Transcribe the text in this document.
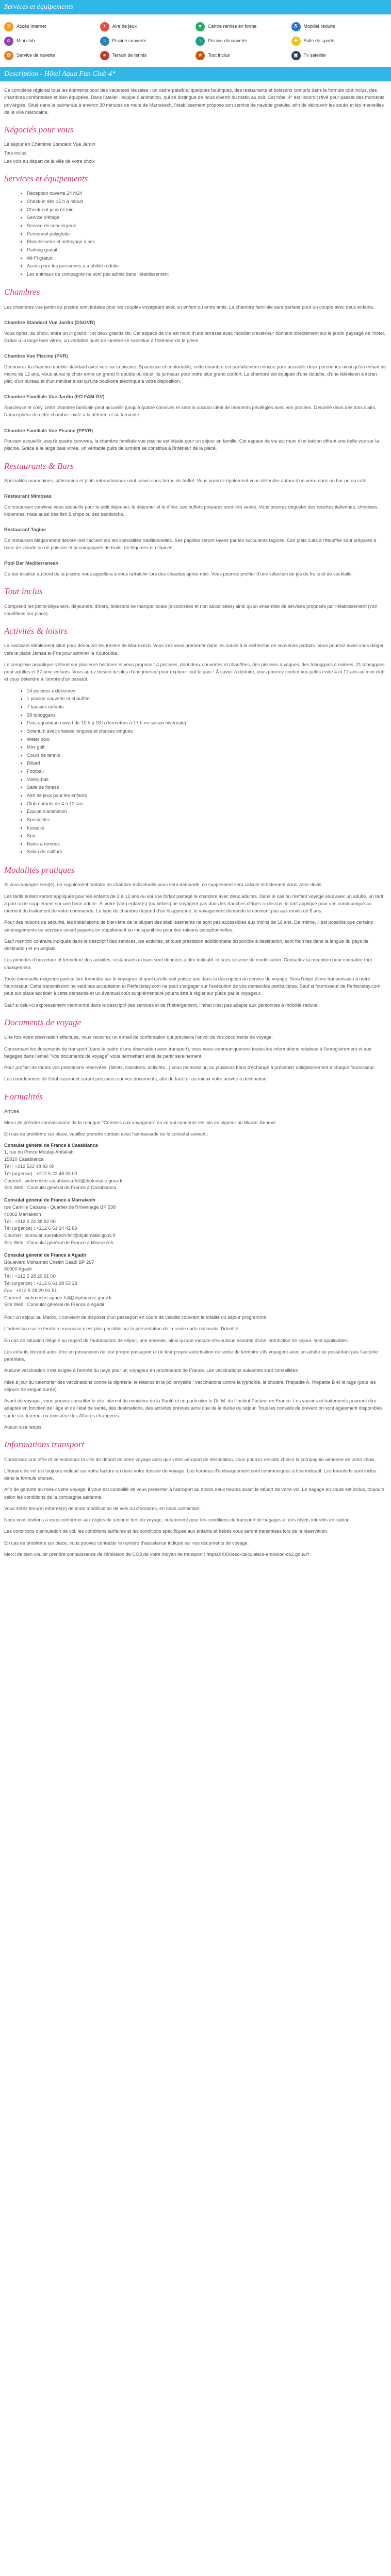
Services et équipements
✆	Accès Internet	✈	Aire de jeux	♥	Centre remise en forme	♿ Mobilité réduite
☺	Mini club	≈	Piscine couverte	≈	Piscine découverte	✚	Salle de sports
✿	Service de navette	●	Terrain de tennis	★	Tout inclus	▣	Tv satellite
Description - Hôtel Aqua Fun Club 4*

Ce complexe régional tous les éléments pour des vacances réussies : un cadre paisible, quelques boutiques, des restaurants et boissons compris dans la formule tout inclus, des chambres confortables et bien équipées. Dans l'atelier l'équipe d'animation, qui se distingue de nous divertir du matin au soir. Cet hôtel 4* est l'endroit rêvé pour passer des moments privilégiés. Situé dans la palmeraie à environ 30 minutes de route de Marrakech, l'établissement propose son service de navette gratuite, afin de découvrir les souks et les merveilles de la ville marocaine.

Négociés pour vous

Le séjour en Chambre Standard Vue Jardin

Tout inclus

Les vols au départ de la ville de votre choix

Services et équipements
• Réception ouverte 24 h/24
• Check-in dès 15 h à minuit
• Check-out jusqu'à midi
• Service d'étage
• Service de conciergerie
• Personnel polyglotte
• Blanchisserie et nettoyage à sec
• Parking gratuit
• Wi-Fi gratuit
• Accès pour les personnes à mobilité réduite
• Les animaux de compagnie ne sont pas admis dans l'établissement
Chambres

Les chambres vue jardin ou piscine sont idéales pour les couples voyageant avec un enfant ou entre amis. La chambre familiale sera parfaite pour un couple avec deux enfants.

Chambre Standard Vue Jardin (DSGVR)

Vous optez, au choix, entre un lit grand lit et deux grands lits. Cet espace de vie est muni d'une terrasse avec mobilier d'extérieur donnant directement sur le jardin paysagé de l'hôtel. Grâce à la large baie vitrée, un véritable puits de lumière se constitue à l'intérieur de la pièce.

Chambre Vue Piscine (PVR)

Découvrez la chambre double standard avec vue sur la piscine. Spacieuse et confortable, cette chambre est parfaitement conçue pour accueillir deux personnes ainsi qu'un enfant de moins de 12 ans. Vous aurez le choix entre un grand lit double ou deux lits jumeaux pour votre plus grand confort. La chambre est équipée d'une douche, d'une télévision à écran plat, d'un bureau et d'un minibar ainsi qu'une bouilloire électrique à votre disposition.

Chambre Familiale Vue Jardin (FO FAM-GV)

Spacieuse et cosy, cette chambre familiale peut accueillir jusqu'à quatre convives et sera le cocoon idéal de moments privilégiés avec vos proches. Décorée dans des tons clairs, l'atmosphère de cette chambre invite à la détente et au farniente.

Chambre Familiale Vue Piscine (FPVR)

Pouvant accueillir jusqu'à quatre convives, la chambre familiale vue piscine est idéale pour un séjour en famille. Cet espace de vie est muni d'un balcon offrant une belle vue sur la piscine. Grâce à la large baie vitrée, un véritable puits de lumière se constitue à l'intérieur de la pièce.

Restaurants & Bars

Spécialités marocaines, pâtisseries et plats internationaux sont servis sous forme de buffet. Vous pourrez également vous détendre autour d'un verre dans un bar ou un café.

Restaurant Mimosas

Ce restaurant convivial vous accueille pour le petit déjeuner, le déjeuner et le dîner, ses buffets préparés sont très variés. Vous pourrez déguster des recettes italiennes, chinoises, indiennes, mais aussi des fish & chips ou des sandwichs.

Restaurant Tagine

Ce restaurant élégamment décoré met l'accent sur les spécialités traditionnelles. Ses papilles seront ravies par les succulents tagines. Ces plats cuits à l'étouffée sont préparés à base de viande ou de poisson et accompagnés de fruits, de légumes et d'épices.

Pool Bar Mediterranean

Ce bar localisé au bord de la piscine vous appellera à vous rafraîchir lors des chaudes après-midi. Vous pourrez profiter d'une sélection de jus de fruits et de cocktails.

Tout inclus

Comprend les petits-déjeuners, déjeuners, dîners, boissons de marque locale (alcoolisées et non alcoolisées) ainsi qu'un ensemble de services proposés par l'établissement (voir conditions sur place).

Activités & loisirs

La ravissant idéalement situé pour découvrir les trésors de Marrakech. Vous irez vous promener dans les souks à la recherche de souvenirs parfaits. Vous pourrez aussi vous diriger vers le place Jemaa el-Fna pour admirer la Koutoubia.

Le complexe aquatique s'étend sur plusieurs hectares et vous propose 14 piscines, dont deux couvertes et chauffées, des piscines à vagues, des toboggans à rivières, 21 toboggans pour adultes et 37 pour enfants. Vous aurez besoin de plus d'une journée pour explorer tout le parc ! À savoir à déduire, vous pourrez confier vos petits entre 4 et 12 ans au mini club et vous détendre à l'ombre d'un parasol.

• 14 piscines extérieures
• 1 piscine couverte et chauffée
• 7 bassins enfants
• 58 toboggans
• Parc aquatique ouvert de 10 h à 18 h (fermeture à 17 h en saison hivernale)
• Solarium avec chaises longues et chaises longues
• Water polo
• Mini golf
• Cours de tennis
• Billard
• Football
• Volley-ball
• Salle de fitness
• Aire de jeux pour les enfants
• Club enfants de 4 à 12 ans
• Équipe d'animation
• Spectacles
• Karaoké
• Spa
• Bains à remous
• Salon de coiffure
Modalités pratiques

Si vous voyagez seul(e), un supplément tarifaire en chambre individuelle vous sera demandé, ce supplément sera calculé directement dans votre devis.

Les tarifs enfant seront appliqués pour les enfants de 2 à 12 ans ou sous le forfait partagé la chambre avec deux adultes. Dans le cas où l'enfant voyage seul avec un adulte, un tarif à part ou le supplément sur une base adulte. Si votre (vos) enfant(s) (ou bébés) ne voyagent pas dans les tranches d'âges ci-dessus, le tarif appliqué pour vos communiqué au moment du traitement de votre commande. Le type de chambre dépend d'un lit approprié, le voyagement demande le convient pas aux moins de 6 ans.

Pour des raisons de sécurité, les installations de bien-être de la plupart des établissements ne sont pas accessibles aux moins de 16 ans. De même, il est possible que certains aménagements ou services soient payants en supplément ou indisponibles pour des raisons exceptionnelles.

Sauf mention contraire indiquée dans le descriptif des services, les activités, et toute prestation additionnelle disponible à destination, sont fournies dans la langue du pays de destination et en anglais.

Les périodes d'ouverture et fermeture des activités, restaurants et bars sont données à titre indicatif, et sous réserve de modification. Contactez la réception pour connaître tout changement.

Toute éventuelle exigence particulière formulée par le voyageur et quel qu'elle soit puisse pas dans la description du service de voyage, Sera l'objet d'une transmission à notre fournisseur. Cette transmission ne vaut pas acceptation et Perfectstay.com ne peut s'engager sur l'exécution de vos demandes particulières. Sauf si fournisseur de Perfectstay.com peut sur place accéder à cette demande et un éventuel coût supplémentaire pourra être à régler sur place par le voyageur.

Sauf si celui-ci expressément mentionné dans le descriptif des services et de l'hébergement, l'hôtel n'est pas adapté aux personnes à mobilité réduite.

Documents de voyage

Une fois votre réservation effectuée, vous recevrez un e-mail de confirmation qui précisera l'envoi de vos documents de voyage.

Concernant les documents de transport (dans le cadre d'une réservation avec transport), vous vous communiquerons toutes les informations relatives à l'enregistrement et aux bagages dans l'email "Vos documents de voyage" vous permettant ainsi de partir sereinement.

Pour profiter de toutes vos prestations réservées, (billets, transferts, activités...) vous recevrez un ou plusieurs bons d'échange à présenter obligatoirement à chaque fournisseur.

Les coordonnées de l'établissement seront précisées sur vos documents, afin de faciliter au mieux votre arrivée à destination.

Formalités

Arrivee

Merci de prendre connaissance de la rubrique "Conseils aux voyageurs" en ce qui concerne les lois en vigueur au Maroc. Annexe

En cas de problème sur place, veuillez prendre contact avec l'ambassade ou le consulat suivant :

Consulat général de France à Casablanca
1, rue du Prince Moulay Abdallah
15810 Casablanca
Tél : +212 522 48 93 00
Tél (urgence) : +212 5 22 48 93 00
Courriel : webmestre.casablanca-fslt@diplomatie.gouv.fr
Site Web : Consulat général de France à Casablanca
Consulat général de France à Marrakech
rue Camille Cabana - Quartier de l'Hivernage BP 538
40002 Marrakech
Tél : +212 5 24 38 82 00
Tél (urgence) : +212 6 61 34 42 89
Courriel : consulat.marrakech-fslt@diplomatie.gouv.fr
Site Web : Consulat général de France à Marrakech
Consulat général de France à Agadir
Boulevard Mohamed Cheikh Saadi BP 267
80000 Agadir
Tél : +212 5 28 29 91 00
Tél (urgence) : +212 6 61 38 53 28
Fax : +212 5 28 29 91 51
Courriel : webmestre.agadir-fslt@diplomatie.gouv.fr
Site Web : Consulat général de France à Agadir

Pour un séjour au Maroc, il convient de disposer d'un passeport en cours de validité couvrant la totalité du séjour programmé.

L'admission sur le territoire marocain n'est plus possible sur la présentation de la seule carte nationale d'identité.

En cas de situation illégale au regard de l'autorisation de séjour, une amende, ainsi qu'une mesure d'expulsion assortie d'une interdiction de séjour, sont applicables.

Les enfants doivent aussi être en possession de leur propre passeport et de leur propre autorisation de sortie du territoire s'ils voyagent avec un adulte ne possédant pas l'autorité parentale.

Aucune vaccination n'est exigée à l'entrée du pays pour un voyageur en provenance de France. Les vaccinations suivantes sont conseillées :

mise à jour du calendrier des vaccinations contre la diphtérie, le tétanos et la poliomyélite ; vaccinations contre la typhoïde, le choléra, l'hépatite A, l'hépatite B et la rage (pour les séjours de longue durée).

Avant de voyager, vous pouvez consulter le site internet du ministère de la Santé et en particulier le Dr. M. de l'Institut Pasteur en France. Les vaccins et traitements pourront être adaptés en fonction de l'âge et de l'état de santé, des destinations, des activités prévues ainsi que de la durée du séjour. Tous les conseils de prévention sont également disponibles sur le site Internet du ministère des Affaires étrangères.

Aucun visa requis

Informations transport

Choisissez une offre et sélectionnez la ville de départ de votre voyage ainsi que votre aéroport de destination, vous pourrez ensuite choisir la compagnie aérienne de votre choix.

L'horaire de vol est toujours indiqué sur votre facture ou dans votre dossier de voyage. Les horaires d'embarquement sont communiqués à titre indicatif. Les transferts sont inclus dans la formule choisie.

Afin de garantir au mieux votre voyage, il vous est conseillé de vous présenter à l'aéroport au moins deux heures avant le départ de votre vol. Le bagage en soute est inclus, toujours selon les conditions de la compagnie aérienne.

Vous serez tenu(e) informé(e) de toute modification de vols ou d'horaires, en nous contactant.

Nous vous invitons à vous conformer aux règles de sécurité lors du voyage, notamment pour les conditions de transport de bagages et des objets interdits en cabine.

Les conditions d'annulation de vol, les conditions tarifaires et les conditions spécifiques aux enfants et bébés vous seront transmises lors de la réservation.

En cas de problème sur place, vous pouvez contacter le numéro d'assistance indiqué sur vos documents de voyage.

Merci de bien vouloir prendre connaissance de l'émission de CO2 de votre moyen de transport : https/XXXX/eco-calculateur-emission-co2.gouv.fr
